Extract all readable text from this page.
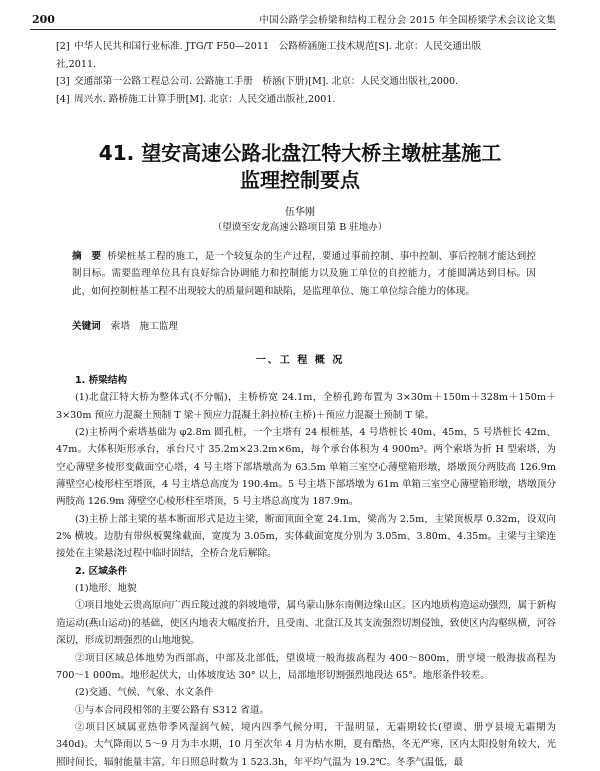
200	中国公路学会桥梁和结构工程分会 2015 年全国桥梁学术会议论文集
[2] 中华人民共和国行业标准. JTG/T F50—2011　公路桥涵施工技术规范[S]. 北京：人民交通出版
社,2011.
[3] 交通部第一公路工程总公司. 公路施工手册　桥涵(下册)[M]. 北京：人民交通出版社,2000.
[4] 周兴水. 路桥施工计算手册[M]. 北京：人民交通出版社,2001.
41. 望安高速公路北盘江特大桥主墩桩基施工
监理控制要点
伍华刚
（望谟至安龙高速公路项目第 B 驻地办）
摘　要 桥梁桩基工程的施工，是一个较复杂的生产过程，要通过事前控制、事中控制、事后控制才能达到控制目标。需要监理单位具有良好综合协调能力和控制能力以及施工单位的自控能力，才能圆满达到目标。因此，如何控制桩基工程不出现较大的质量问题和缺陷，是监理单位、施工单位综合能力的体现。
关键词 索塔　施工监理
一、工 程 概 况

1. 桥梁结构

(1)北盘江特大桥为整体式(不分幅)，主桥桥宽 24.1m，全桥孔跨布置为 3×30m＋150m＋328m＋150m＋3×30m 预应力混凝土预制 T 梁＋预应力混凝土斜拉桥(主桥)＋预应力混凝土预制 T 梁。

(2)主桥两个索塔基础为 φ2.8m 圆孔桩，一个主塔有 24 根桩基，4 号塔桩长 40m、45m，5 号塔桩长 42m、47m。大体积矩形承台，承台尺寸 35.2m×23.2m×6m，每个承台体积为 4 900m³。两个索塔为折 H 型索塔，为空心薄壁多棱形变截面空心塔，4 号主塔下部塔墩高为 63.5m 单箱三室空心薄壁箱形墩，塔墩顶分两肢高 126.9m 薄壁空心棱形柱至塔顶，4 号主塔总高度为 190.4m。5 号主塔下部塔墩为 61m 单箱三室空心薄壁箱形墩，塔墩顶分两肢高 126.9m 薄壁空心棱形柱至塔顶，5 号主塔总高度为 187.9m。

(3)主桥上部主梁的基本断面形式是边主梁，断面顶面全宽 24.1m，梁高为 2.5m，主梁顶板厚 0.32m，设双向 2% 横坡。边肋有带纵板翼缘截面，宽度为 3.05m，实体截面宽度分别为 3.05m、3.80m、4.35m。主梁与主梁连接处在主梁悬浇过程中临时固结，全桥合龙后解除。

2. 区域条件

(1)地形、地貌

①项目地处云贵高原向广西丘陵过渡的斜坡地带，属乌蒙山脉东南侧边缘山区。区内地质构造运动强烈，属于新构造运动(燕山运动)的基础，使区内地表大幅度抬升，且受南、北盘江及其支流强烈切割侵蚀，致使区内沟壑纵横，河谷深切，形成切割强烈的山地地貌。

②项目区域总体地势为西部高，中部及北部低，望谟境一般海拔高程为 400～800m，册亨境一般海拔高程为 700～1 000m。地形起伏大，山体坡度达 30° 以上，局部地形切割强烈地段达 65°。地形条件较差。

(2)交通、气候、气象、水文条件

①与本合同段相邻的主要公路有 S312 省道。

②项目区域属亚热带季风湿润气候，境内四季气候分明，干湿明显，无霜期较长(望谟、册亨县境无霜期为 340d)。大气降雨以 5～9 月为丰水期，10 月至次年 4 月为枯水期，夏有酷热，冬无严寒，区内太阳投射角较大，光照时间长，辐射能量丰富，年日照总时数为 1 523.3h，年平均气温为 19.2℃。冬季气温低，最
